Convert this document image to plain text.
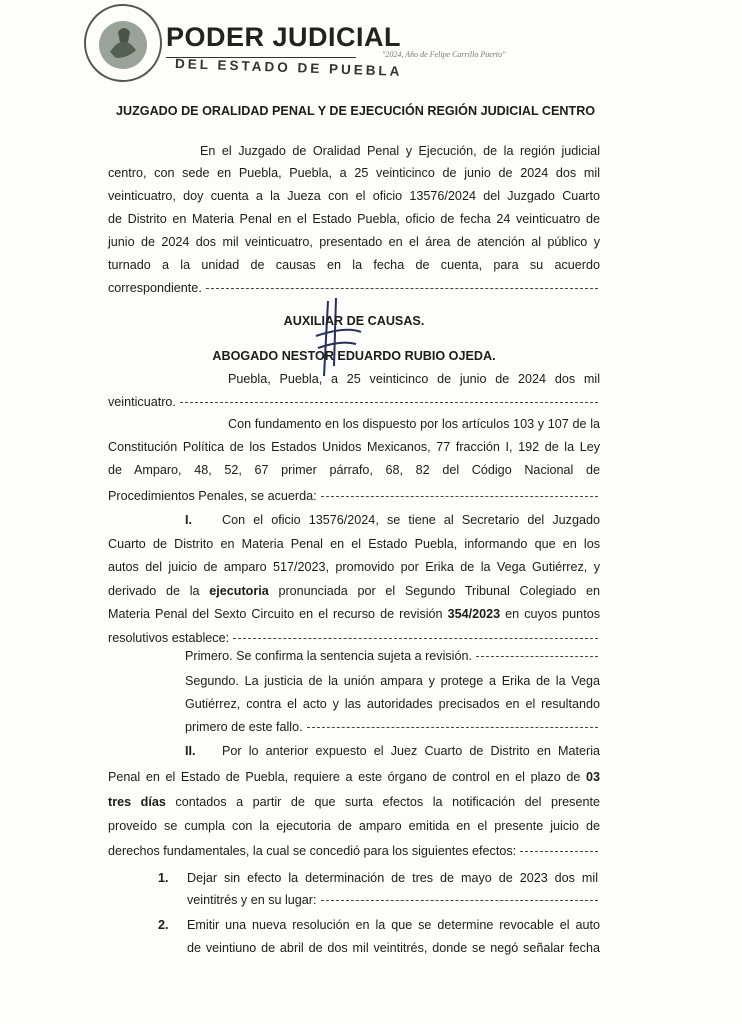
PODER JUDICIAL
DEL ESTADO DE PUEBLA
"2024, Año de Felipe Carrillo Puerto"
JUZGADO DE ORALIDAD PENAL Y DE EJECUCIÓN REGIÓN JUDICIAL CENTRO
En el Juzgado de Oralidad Penal y Ejecución, de la región judicial
centro, con sede en Puebla, Puebla, a 25 veinticinco de junio de 2024 dos mil
veinticuatro, doy cuenta a la Jueza con el oficio 13576/2024 del Juzgado Cuarto
de Distrito en Materia Penal en el Estado Puebla, oficio de fecha 24 veinticuatro de
junio de 2024 dos mil veinticuatro, presentado en el área de atención al público y
turnado a la unidad de causas en la fecha de cuenta, para su acuerdo
correspondiente.
AUXILIAR DE CAUSAS.
ABOGADO NESTOR EDUARDO RUBIO OJEDA.
Puebla, Puebla, a 25 veinticinco de junio de 2024 dos mil
veinticuatro.
Con fundamento en los dispuesto por los artículos 103 y 107 de la
Constitución Política de los Estados Unidos Mexicanos, 77 fracción I, 192 de la Ley
de Amparo, 48, 52, 67 primer párrafo, 68, 82 del Código Nacional de
Procedimientos Penales, se acuerda:
I. Con el oficio 13576/2024, se tiene al Secretario del Juzgado
Cuarto de Distrito en Materia Penal en el Estado Puebla, informando que en los
autos del juicio de amparo 517/2023, promovido por Erika de la Vega Gutiérrez, y
derivado de la ejecutoria pronunciada por el Segundo Tribunal Colegiado en
Materia Penal del Sexto Circuito en el recurso de revisión 354/2023 en cuyos puntos
resolutivos establece:
Primero. Se confirma la sentencia sujeta a revisión.
Segundo. La justicia de la unión ampara y protege a Erika de la Vega
Gutiérrez, contra el acto y las autoridades precisados en el resultando
primero de este fallo.
II. Por lo anterior expuesto el Juez Cuarto de Distrito en Materia
Penal en el Estado de Puebla, requiere a este órgano de control en el plazo de 03
tres días contados a partir de que surta efectos la notificación del presente
proveído se cumpla con la ejecutoria de amparo emitida en el presente juicio de
derechos fundamentales, la cual se concedió para los siguientes efectos:
1. Dejar sin efecto la determinación de tres de mayo de 2023 dos mil
veintitrés y en su lugar:
2. Emitir una nueva resolución en la que se determine revocable el auto
de veintiuno de abril de dos mil veintitrés, donde se negó señalar fecha
